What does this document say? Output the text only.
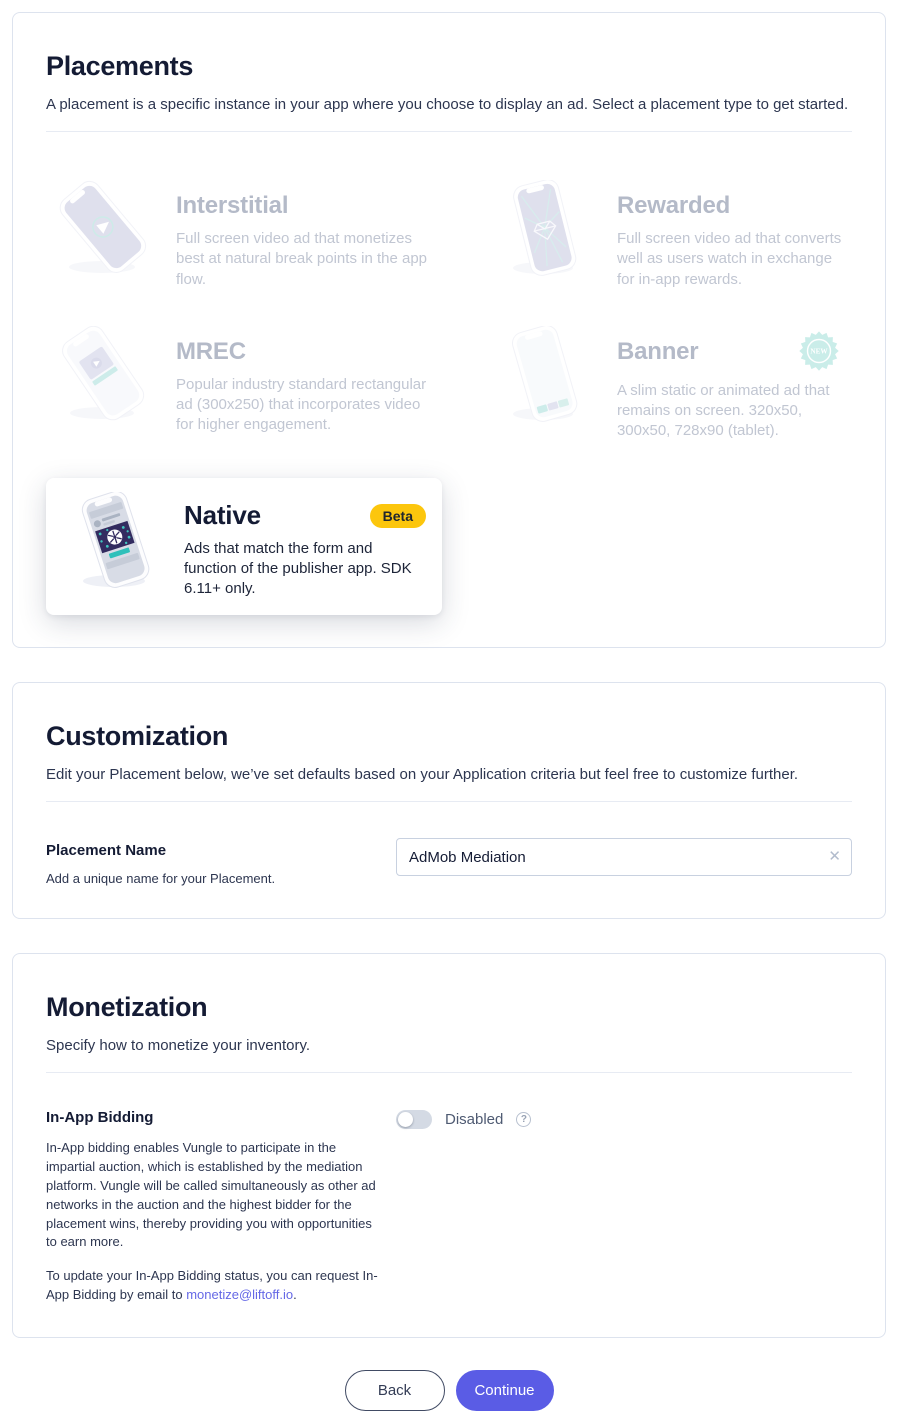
Placements

A placement is a specific instance in your app where you choose to display an ad. Select a placement type to get started.

Interstitial

Full screen video ad that monetizes best at natural break points in the app flow.

Rewarded

Full screen video ad that converts well as users watch in exchange for in-app rewards.

MREC

Popular industry standard rectangular ad (300x250) that incorporates video for higher engagement.

Banner	NEW

A slim static or animated ad that remains on screen. 320x50, 300x50, 728x90 (tablet).

Native	Beta

Ads that match the form and function of the publisher app. SDK 6.11+ only.

Customization

Edit your Placement below, we’ve set defaults based on your Application criteria but feel free to customize further.

Placement Name
Add a unique name for your Placement.
AdMob Mediation
✕
Monetization

Specify how to monetize your inventory.

In-App Bidding

In-App bidding enables Vungle to participate in the impartial auction, which is established by the mediation platform. Vungle will be called simultaneously as other ad networks in the auction and the highest bidder for the placement wins, thereby providing you with opportunities to earn more.

To update your In-App Bidding status, you can request In-App Bidding by email to monetize@liftoff.io.

Disabled	?
Back	Continue
